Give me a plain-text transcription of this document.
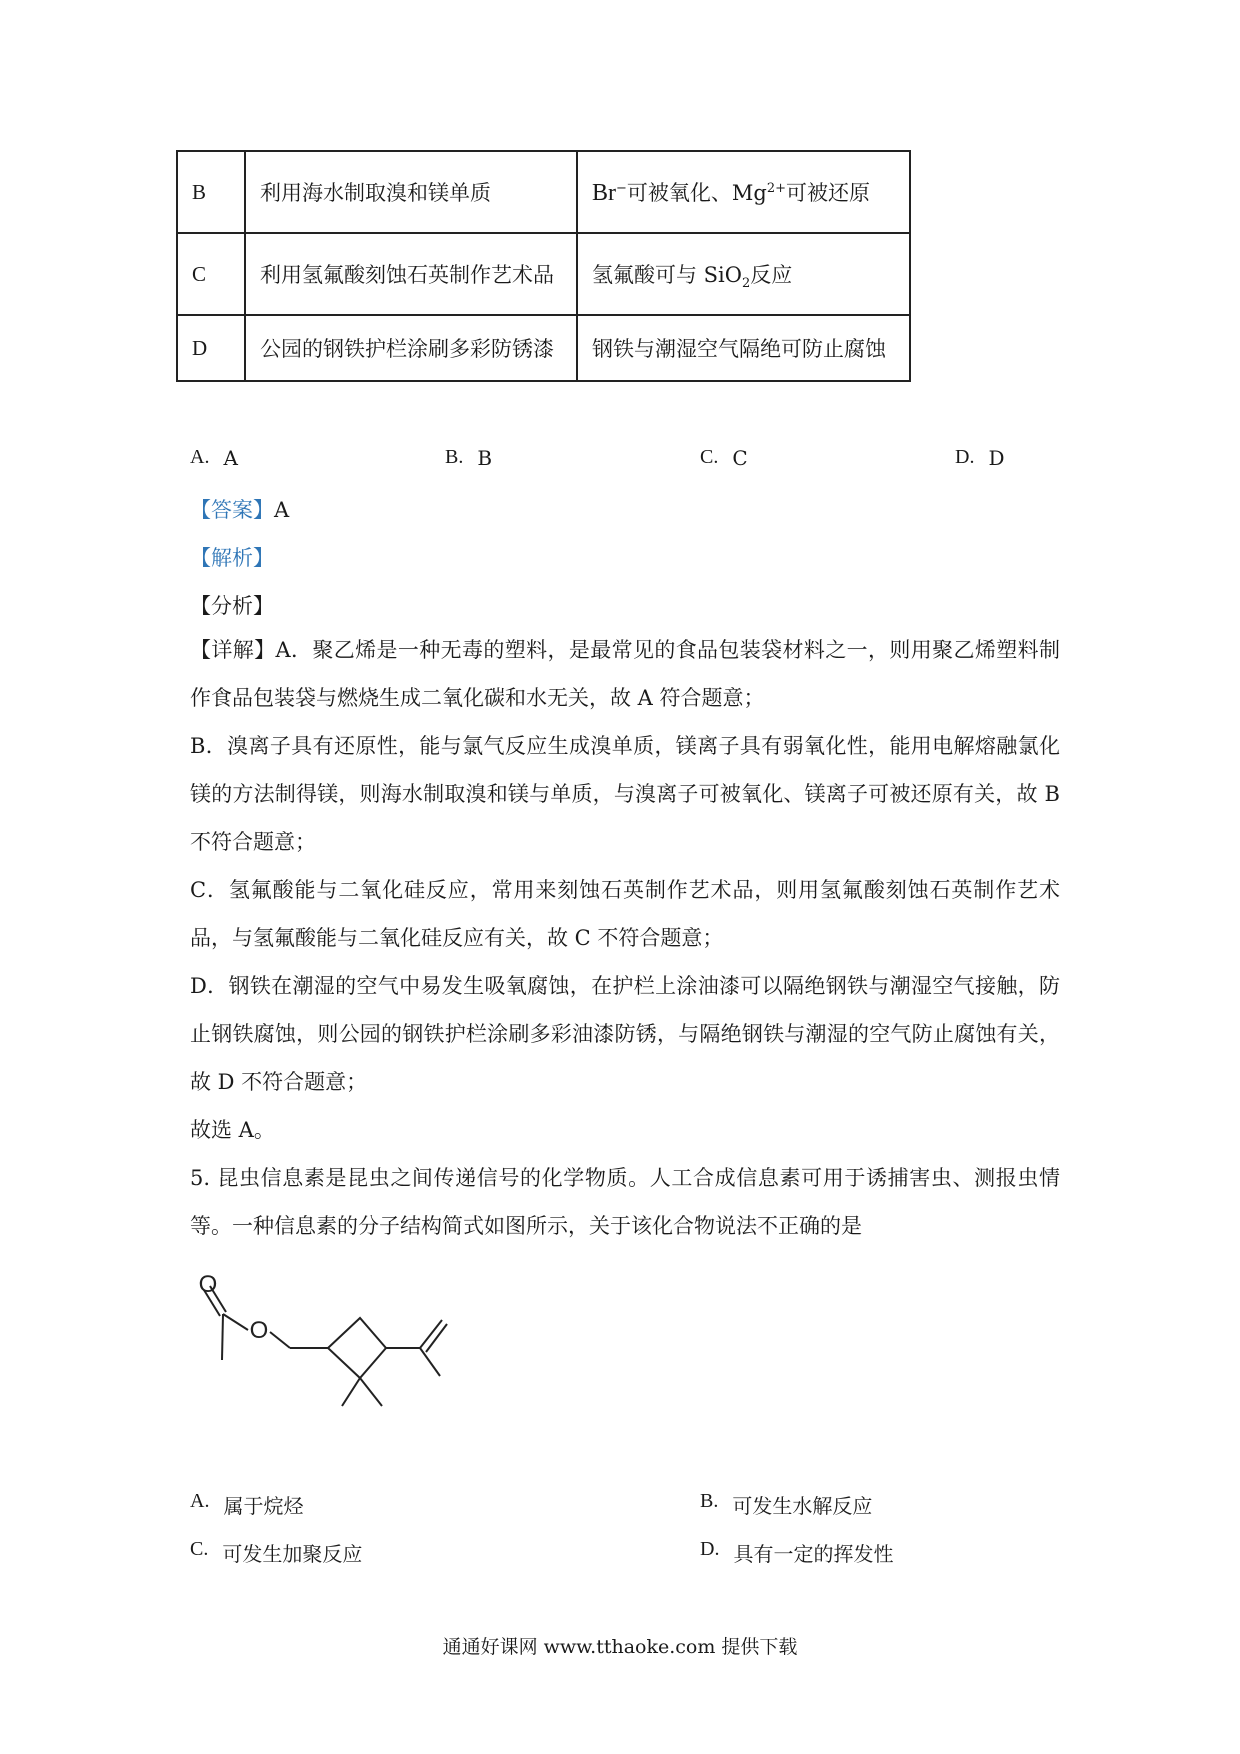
B	利用海水制取溴和镁单质	Br−可被氧化、$Mg^{2+}$可被还原
C	利用氢氟酸刻蚀石英制作艺术品	氢氟酸可与 SiO$_2$反应
D	公园的钢铁护栏涂刷多彩防锈漆	钢铁与潮湿空气隔绝可防止腐蚀
A. A	B. B	C. C	D. D
【答案】A
【解析】
【分析】
【详解】A．聚乙烯是一种无毒的塑料，是最常见的食品包装袋材料之一，则用聚乙烯塑料制作食品包装袋与燃烧生成二氧化碳和水无关，故 A 符合题意；
B．溴离子具有还原性，能与氯气反应生成溴单质，镁离子具有弱氧化性，能用电解熔融氯化镁的方法制得镁，则海水制取溴和镁与单质，与溴离子可被氧化、镁离子可被还原有关，故 B 不符合题意；
C．氢氟酸能与二氧化硅反应，常用来刻蚀石英制作艺术品，则用氢氟酸刻蚀石英制作艺术品，与氢氟酸能与二氧化硅反应有关，故 C 不符合题意；
D．钢铁在潮湿的空气中易发生吸氧腐蚀，在护栏上涂油漆可以隔绝钢铁与潮湿空气接触，防止钢铁腐蚀，则公园的钢铁护栏涂刷多彩油漆防锈，与隔绝钢铁与潮湿的空气防止腐蚀有关，故 D 不符合题意；
故选 A。
5. 昆虫信息素是昆虫之间传递信号的化学物质。人工合成信息素可用于诱捕害虫、测报虫情等。一种信息素的分子结构简式如图所示，关于该化合物说法不正确的是
O
O
A. 属于烷烃	B. 可发生水解反应
C. 可发生加聚反应	D. 具有一定的挥发性
通通好课网 www.tthaoke.com 提供下载
